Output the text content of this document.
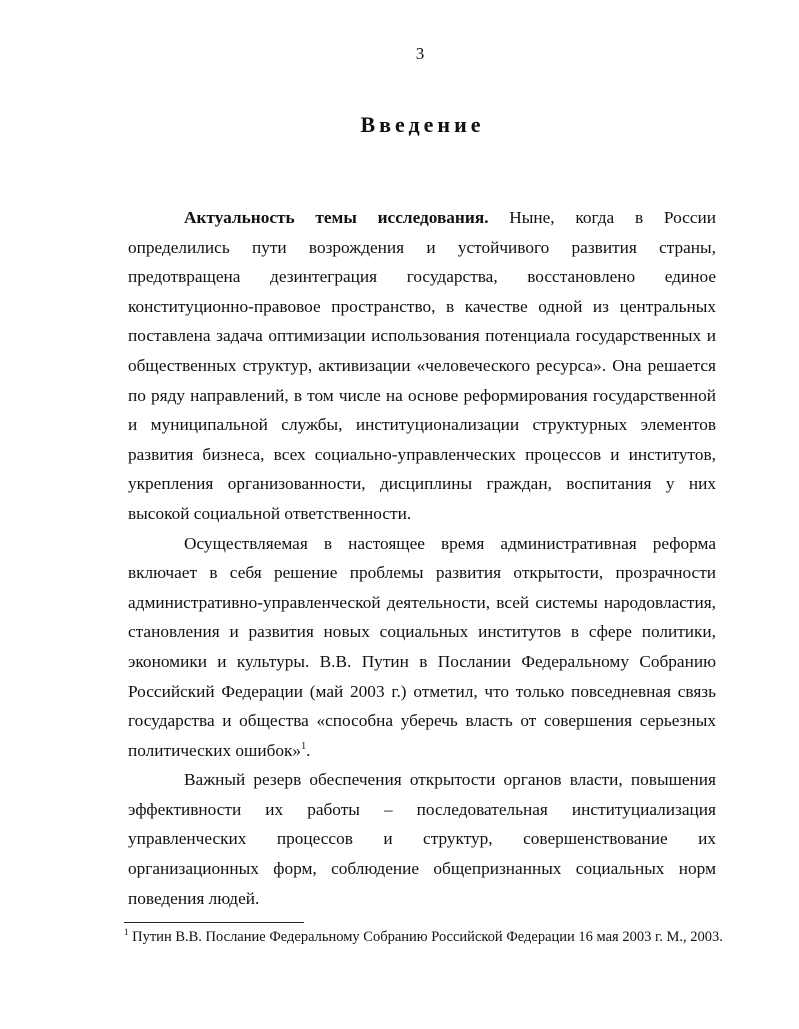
3
Введение

Актуальность темы исследования. Ныне, когда в России определились пути возрождения и устойчивого развития страны, предотвращена дезинтеграция государства, восстановлено единое конституционно-правовое пространство, в качестве одной из центральных поставлена задача оптимизации использования потенциала государственных и общественных структур, активизации «человеческого ресурса». Она решается по ряду направлений, в том числе на основе реформирования государственной и муниципальной службы, институционализации структурных элементов развития бизнеса, всех социально-управленческих процессов и институтов, укрепления организованности, дисциплины граждан, воспитания у них высокой социальной ответственности.

Осуществляемая в настоящее время административная реформа включает в себя решение проблемы развития открытости, прозрачности административно-управленческой деятельности, всей системы народовластия, становления и развития новых социальных институтов в сфере политики, экономики и культуры. В.В. Путин в Послании Федеральному Собранию Российский Федерации (май 2003 г.) отметил, что только повседневная связь государства и общества «способна уберечь власть от совершения серьезных политических ошибок»$^1$.

Важный резерв обеспечения открытости органов власти, повышения эффективности их работы – последовательная институциализация управленческих процессов и структур, совершенствование их организационных форм, соблюдение общепризнанных социальных норм поведения людей.

$^1$ Путин В.В. Послание Федеральному Собранию Российской Федерации 16 мая 2003 г. М., 2003.
